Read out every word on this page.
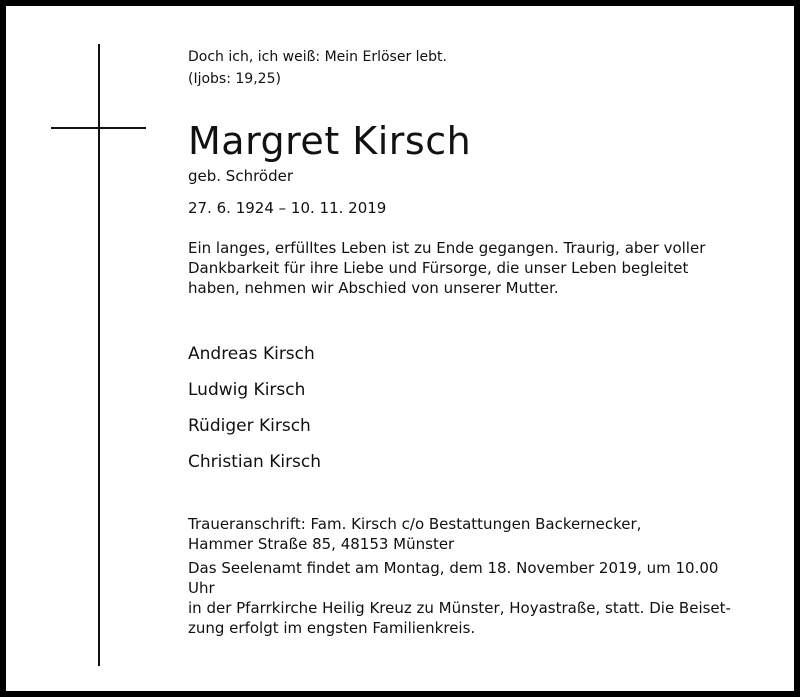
Doch ich, ich weiß: Mein Erlöser lebt.
(Ijobs: 19,25)

Margret Kirsch

geb. Schröder

27. 6. 1924 – 10. 11. 2019

Ein langes, erfülltes Leben ist zu Ende gegangen. Traurig, aber voller
Dankbarkeit für ihre Liebe und Fürsorge, die unser Leben begleitet
haben, nehmen wir Abschied von unserer Mutter.

Andreas Kirsch
Ludwig Kirsch
Rüdiger Kirsch
Christian Kirsch

Traueranschrift: Fam. Kirsch c/o Bestattungen Backernecker,
Hammer Straße 85, 48153 Münster

Das Seelenamt findet am Montag, dem 18. November 2019, um 10.00 Uhr
in der Pfarrkirche Heilig Kreuz zu Münster, Hoyastraße, statt. Die Beiset-
zung erfolgt im engsten Familienkreis.
